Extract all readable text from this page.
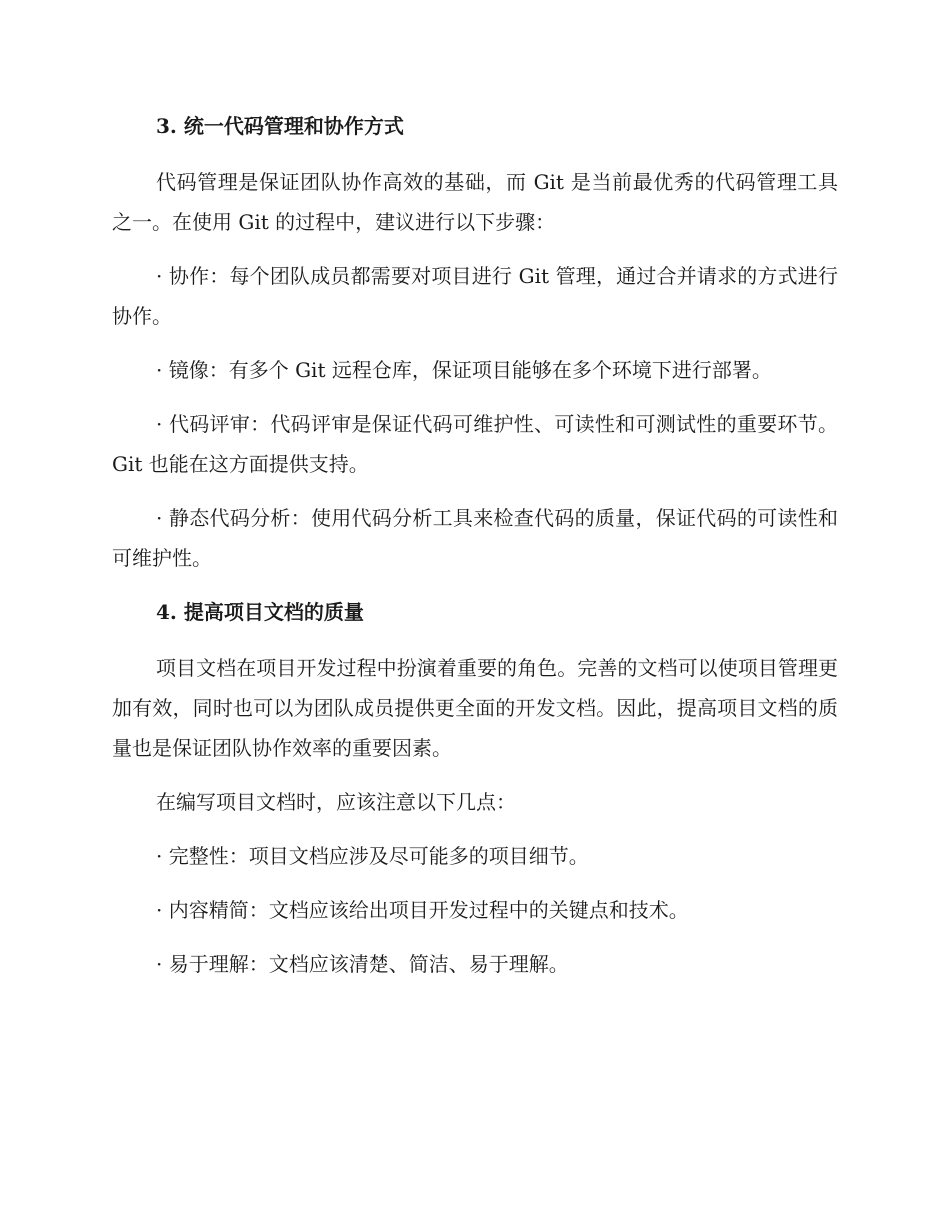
3. 统一代码管理和协作方式

代码管理是保证团队协作高效的基础，而 Git 是当前最优秀的代码管理工具之一。在使用 Git 的过程中，建议进行以下步骤：

· 协作：每个团队成员都需要对项目进行 Git 管理，通过合并请求的方式进行协作。

· 镜像：有多个 Git 远程仓库，保证项目能够在多个环境下进行部署。

· 代码评审：代码评审是保证代码可维护性、可读性和可测试性的重要环节。Git 也能在这方面提供支持。

· 静态代码分析：使用代码分析工具来检查代码的质量，保证代码的可读性和可维护性。

4. 提高项目文档的质量

项目文档在项目开发过程中扮演着重要的角色。完善的文档可以使项目管理更加有效，同时也可以为团队成员提供更全面的开发文档。因此，提高项目文档的质量也是保证团队协作效率的重要因素。

在编写项目文档时，应该注意以下几点：

· 完整性：项目文档应涉及尽可能多的项目细节。

· 内容精简：文档应该给出项目开发过程中的关键点和技术。

· 易于理解：文档应该清楚、简洁、易于理解。
